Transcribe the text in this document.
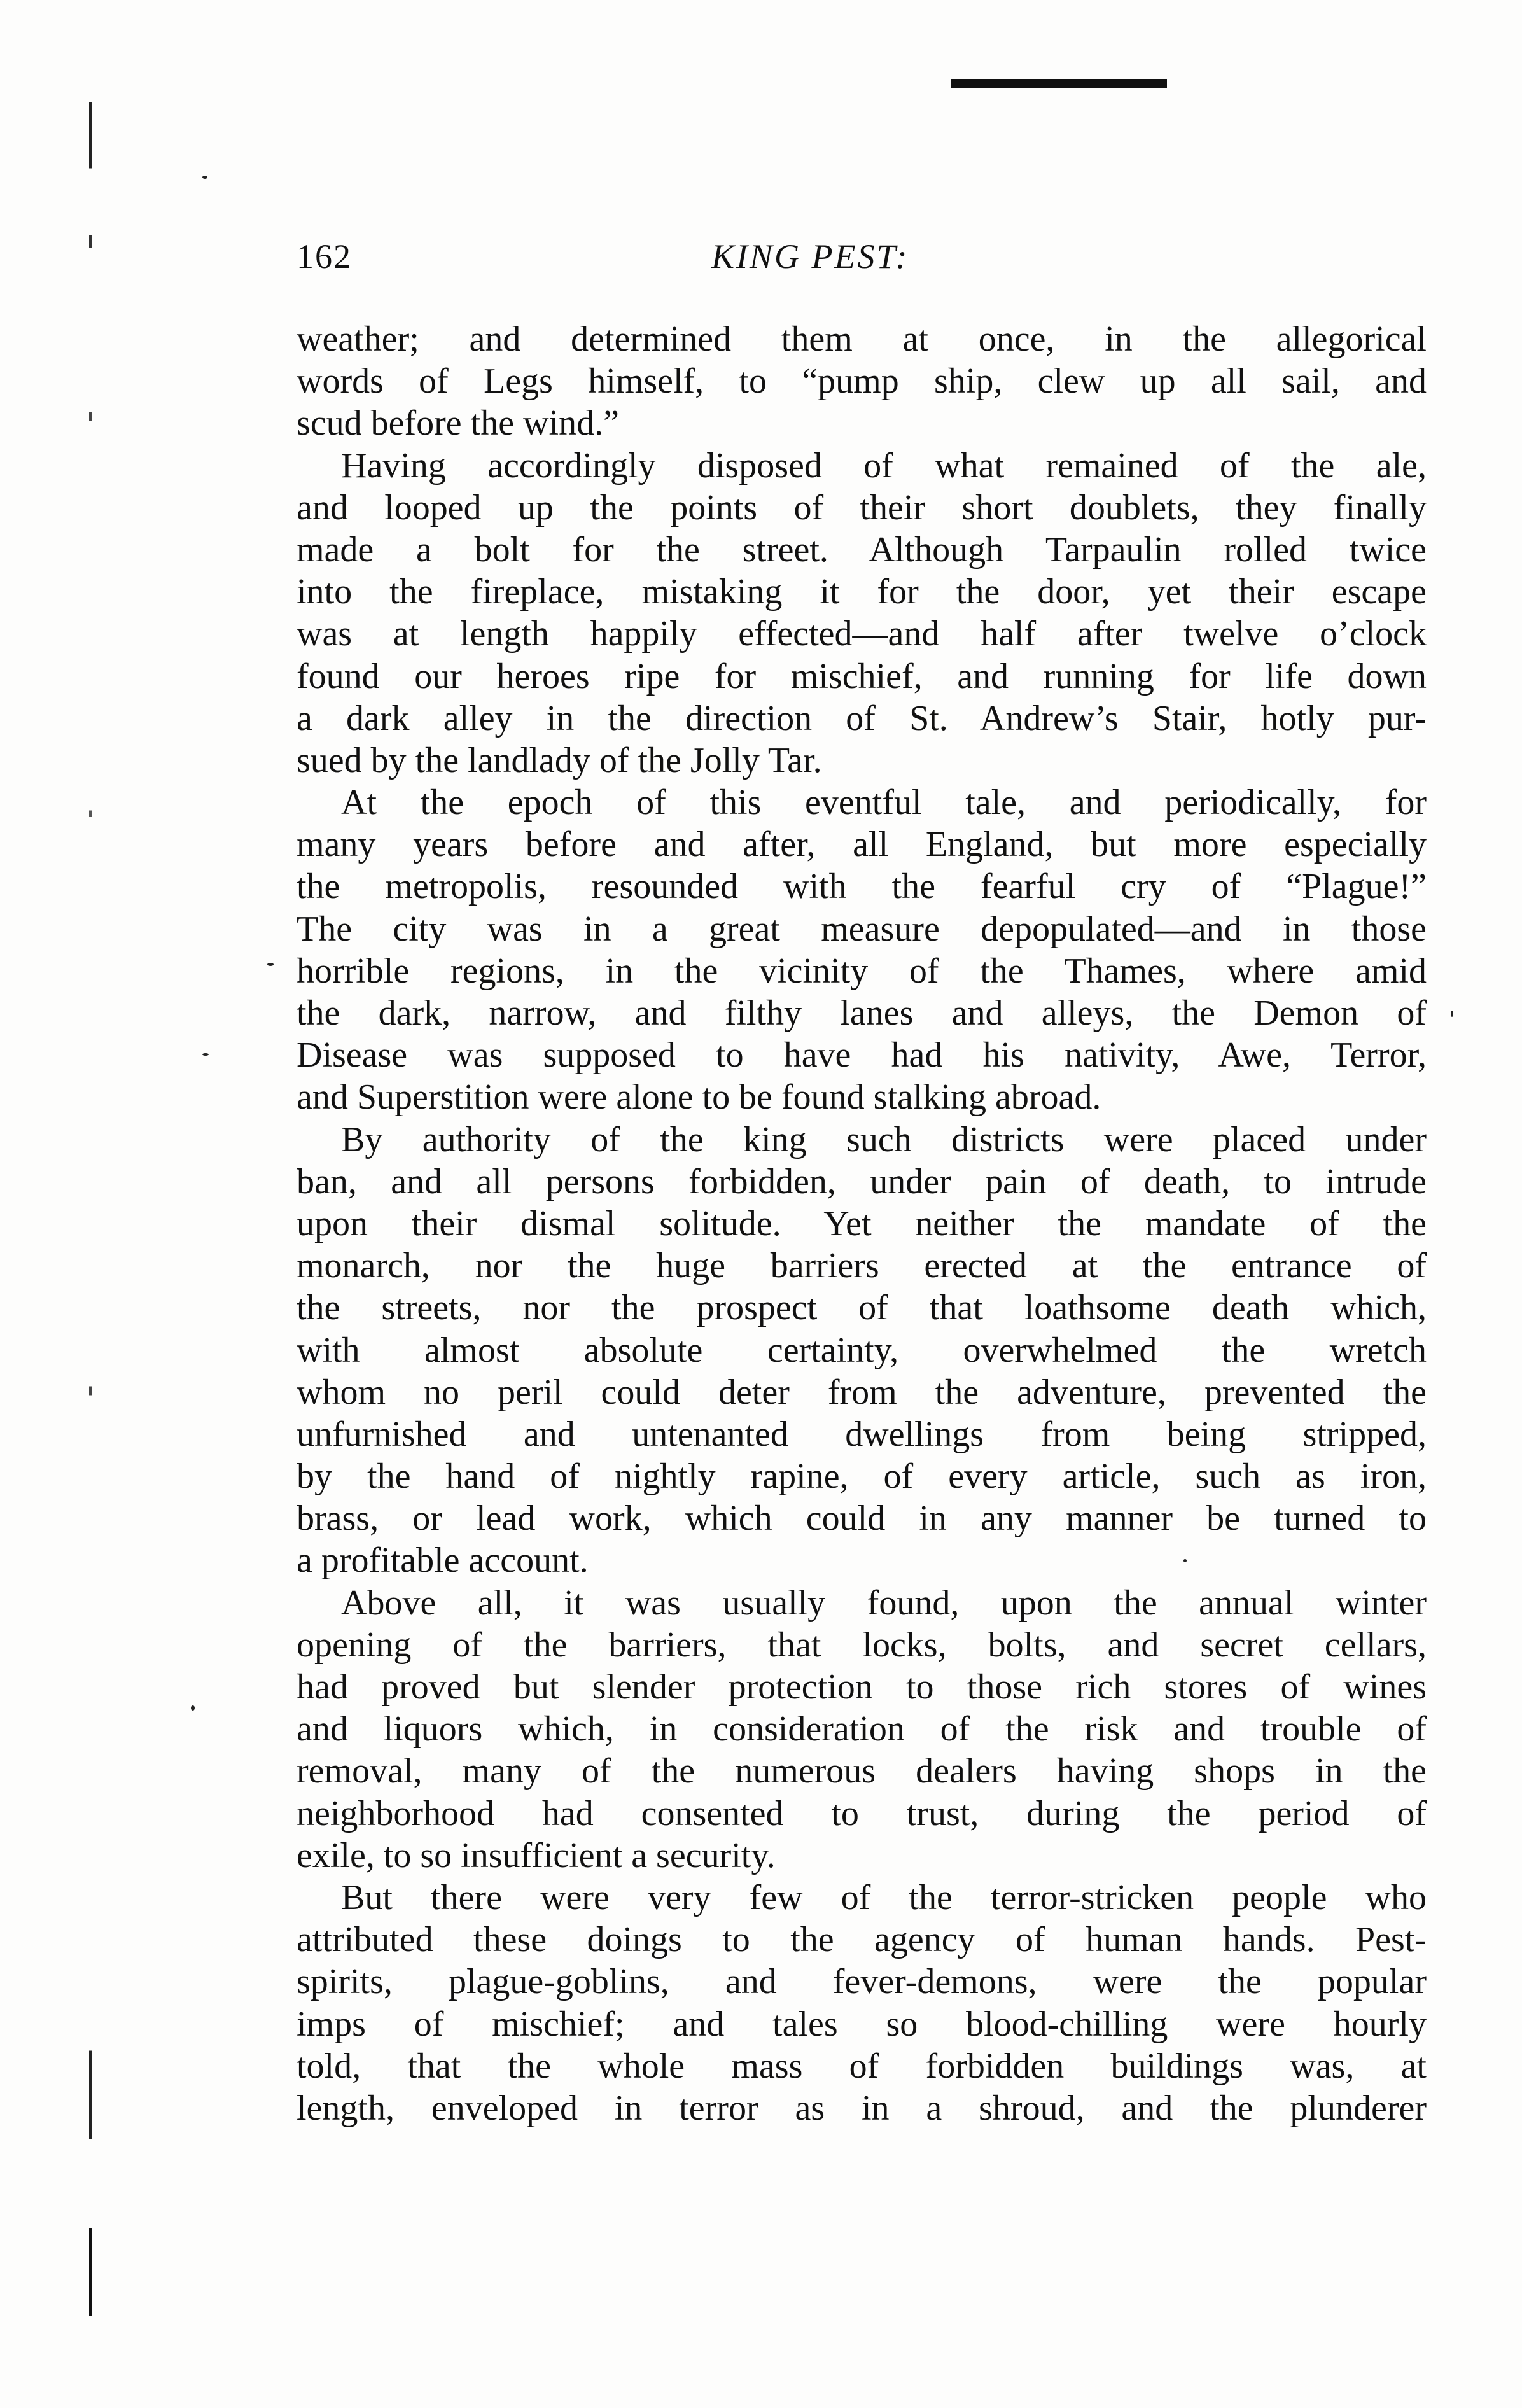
162	KING PEST:
weather; and determined them at once, in the allegorical
words of Legs himself, to “pump ship, clew up all sail, and
scud before the wind.”
Having accordingly disposed of what remained of the ale,
and looped up the points of their short doublets, they finally
made a bolt for the street. Although Tarpaulin rolled twice
into the fireplace, mistaking it for the door, yet their escape
was at length happily effected—and half after twelve o’clock
found our heroes ripe for mischief, and running for life down
a dark alley in the direction of St. Andrew’s Stair, hotly pur-
sued by the landlady of the Jolly Tar.
At the epoch of this eventful tale, and periodically, for
many years before and after, all England, but more especially
the metropolis, resounded with the fearful cry of “Plague!”
The city was in a great measure depopulated—and in those
horrible regions, in the vicinity of the Thames, where amid
the dark, narrow, and filthy lanes and alleys, the Demon of
Disease was supposed to have had his nativity, Awe, Terror,
and Superstition were alone to be found stalking abroad.
By authority of the king such districts were placed under
ban, and all persons forbidden, under pain of death, to intrude
upon their dismal solitude. Yet neither the mandate of the
monarch, nor the huge barriers erected at the entrance of
the streets, nor the prospect of that loathsome death which,
with almost absolute certainty, overwhelmed the wretch
whom no peril could deter from the adventure, prevented the
unfurnished and untenanted dwellings from being stripped,
by the hand of nightly rapine, of every article, such as iron,
brass, or lead work, which could in any manner be turned to
a profitable account.
Above all, it was usually found, upon the annual winter
opening of the barriers, that locks, bolts, and secret cellars,
had proved but slender protection to those rich stores of wines
and liquors which, in consideration of the risk and trouble of
removal, many of the numerous dealers having shops in the
neighborhood had consented to trust, during the period of
exile, to so insufficient a security.
But there were very few of the terror-stricken people who
attributed these doings to the agency of human hands. Pest-
spirits, plague-goblins, and fever-demons, were the popular
imps of mischief; and tales so blood-chilling were hourly
told, that the whole mass of forbidden buildings was, at
length, enveloped in terror as in a shroud, and the plunderer
